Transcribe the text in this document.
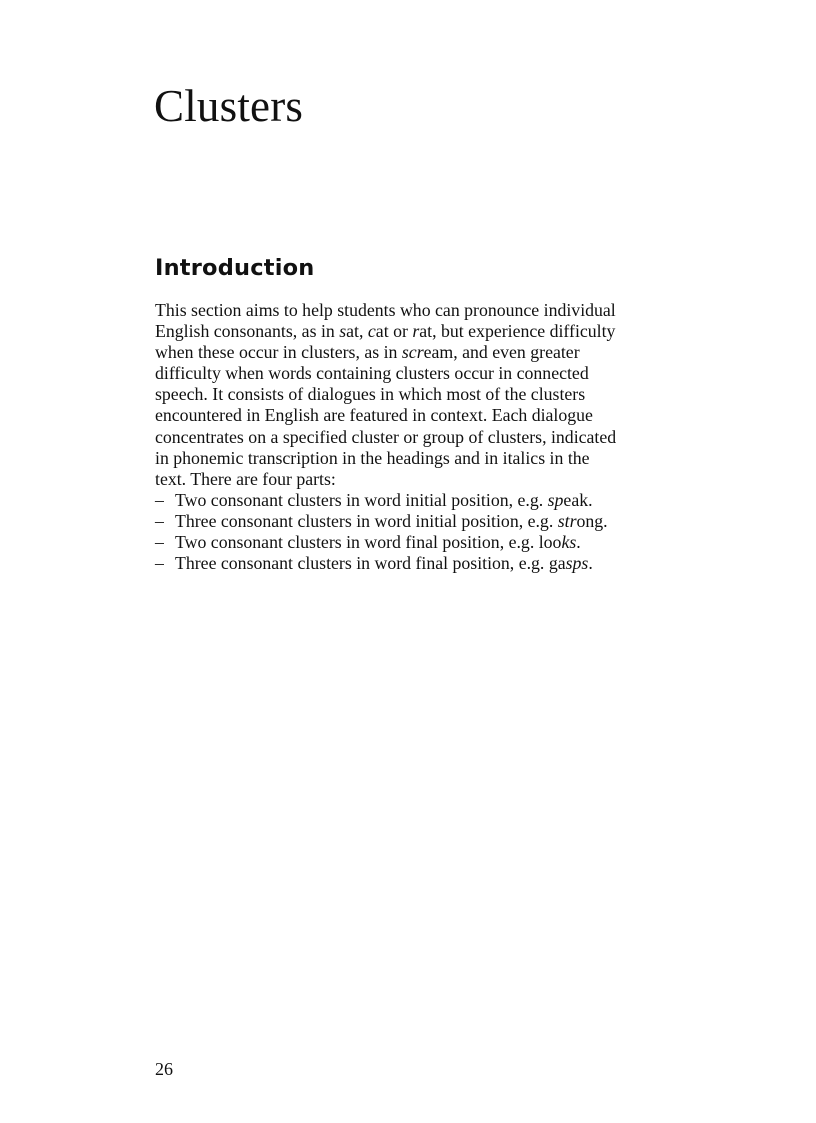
Clusters
Introduction

This section aims to help students who can pronounce individual
English consonants, as in sat, cat or rat, but experience difficulty
when these occur in clusters, as in scream, and even greater
difficulty when words containing clusters occur in connected
speech. It consists of dialogues in which most of the clusters
encountered in English are featured in context. Each dialogue
concentrates on a specified cluster or group of clusters, indicated
in phonemic transcription in the headings and in italics in the
text. There are four parts:

– Two consonant clusters in word initial position, e.g. speak.
– Three consonant clusters in word initial position, e.g. strong.
– Two consonant clusters in word final position, e.g. looks.
– Three consonant clusters in word final position, e.g. gasps.
26
